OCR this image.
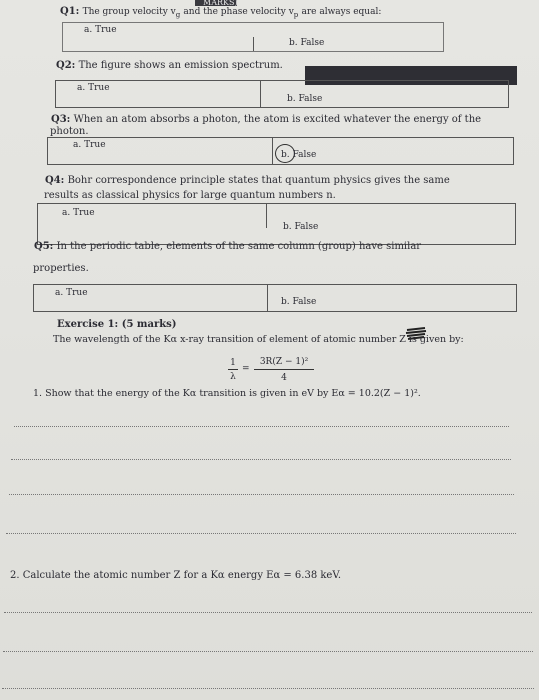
MARKS)
Q1: The group velocity $v_g$ and the phase velocity $v_p$ are always equal:
a. True
b. False
Q2: The figure shows an emission spectrum.
a. True
b. False
Q3: When an atom absorbs a photon, the atom is excited whatever the energy of the
photon.
a. True
b. False
Q4: Bohr correspondence principle states that quantum physics gives the same
results as classical physics for large quantum numbers n.
a. True
b. False
Q5: In the periodic table, elements of the same column (group) have similar
properties.
a. True
b. False
Exercise 1: (5 marks)
The wavelength of the Kα x-ray transition of element of atomic number Z is given by:
1
λ
=
3R(Z − 1)²
4
1. Show that the energy of the Kα transition is given in eV by Eα = 10.2(Z − 1)².
2. Calculate the atomic number Z for a Kα energy Eα = 6.38 keV.
